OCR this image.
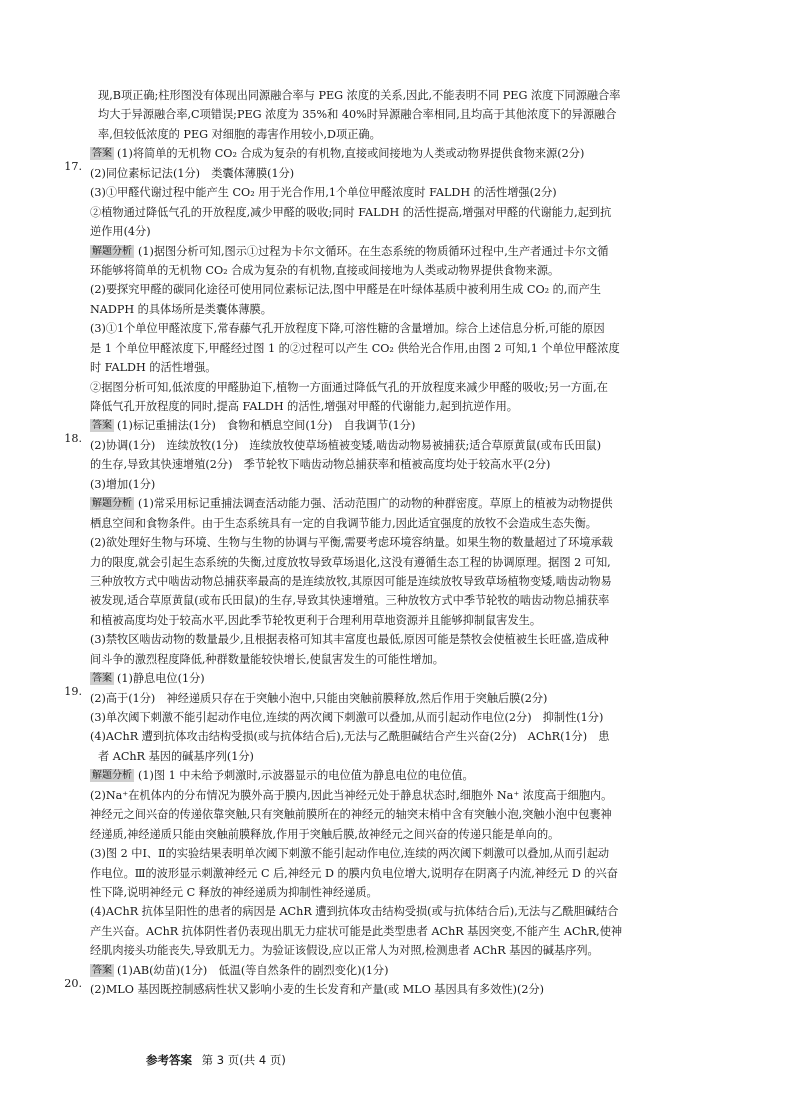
现,B项正确;柱形图没有体现出同源融合率与 PEG 浓度的关系,因此,不能表明不同 PEG 浓度下同源融合率
均大于异源融合率,C项错误;PEG 浓度为 35%和 40%时异源融合率相同,且均高于其他浓度下的异源融合
率,但较低浓度的 PEG 对细胞的毒害作用较小,D项正确。
17.
答案 (1)将简单的无机物 CO₂ 合成为复杂的有机物,直接或间接地为人类或动物界提供食物来源(2分)
(2)同位素标记法(1分)　类囊体薄膜(1分)
(3)①甲醛代谢过程中能产生 CO₂ 用于光合作用,1个单位甲醛浓度时 FALDH 的活性增强(2分)
②植物通过降低气孔的开放程度,减少甲醛的吸收;同时 FALDH 的活性提高,增强对甲醛的代谢能力,起到抗
逆作用(4分)
解题分析 (1)据图分析可知,图示①过程为卡尔文循环。在生态系统的物质循环过程中,生产者通过卡尔文循
环能够将简单的无机物 CO₂ 合成为复杂的有机物,直接或间接地为人类或动物界提供食物来源。
(2)要探究甲醛的碳同化途径可使用同位素标记法,图中甲醛是在叶绿体基质中被利用生成 CO₂ 的,而产生
NADPH 的具体场所是类囊体薄膜。
(3)①1个单位甲醛浓度下,常春藤气孔开放程度下降,可溶性糖的含量增加。综合上述信息分析,可能的原因
是 1 个单位甲醛浓度下,甲醛经过图 1 的②过程可以产生 CO₂ 供给光合作用,由图 2 可知,1 个单位甲醛浓度
时 FALDH 的活性增强。
②据图分析可知,低浓度的甲醛胁迫下,植物一方面通过降低气孔的开放程度来减少甲醛的吸收;另一方面,在
降低气孔开放程度的同时,提高 FALDH 的活性,增强对甲醛的代谢能力,起到抗逆作用。
18.
答案 (1)标记重捕法(1分)　食物和栖息空间(1分)　自我调节(1分)
(2)协调(1分)　连续放牧(1分)　连续放牧使草场植被变矮,啮齿动物易被捕获;适合草原黄鼠(或布氏田鼠)
的生存,导致其快速增殖(2分)　季节轮牧下啮齿动物总捕获率和植被高度均处于较高水平(2分)
(3)增加(1分)
解题分析 (1)常采用标记重捕法调查活动能力强、活动范围广的动物的种群密度。草原上的植被为动物提供
栖息空间和食物条件。由于生态系统具有一定的自我调节能力,因此适宜强度的放牧不会造成生态失衡。
(2)欲处理好生物与环境、生物与生物的协调与平衡,需要考虑环境容纳量。如果生物的数量超过了环境承载
力的限度,就会引起生态系统的失衡,过度放牧导致草场退化,这没有遵循生态工程的协调原理。据图 2 可知,
三种放牧方式中啮齿动物总捕获率最高的是连续放牧,其原因可能是连续放牧导致草场植物变矮,啮齿动物易
被发现,适合草原黄鼠(或布氏田鼠)的生存,导致其快速增殖。三种放牧方式中季节轮牧的啮齿动物总捕获率
和植被高度均处于较高水平,因此季节轮牧更利于合理利用草地资源并且能够抑制鼠害发生。
(3)禁牧区啮齿动物的数量最少,且根据表格可知其丰富度也最低,原因可能是禁牧会使植被生长旺盛,造成种
间斗争的激烈程度降低,种群数量能较快增长,使鼠害发生的可能性增加。
19.
答案 (1)静息电位(1分)
(2)高于(1分)　神经递质只存在于突触小泡中,只能由突触前膜释放,然后作用于突触后膜(2分)
(3)单次阈下刺激不能引起动作电位,连续的两次阈下刺激可以叠加,从而引起动作电位(2分)　抑制性(1分)
(4)AChR 遭到抗体攻击结构受损(或与抗体结合后),无法与乙酰胆碱结合产生兴奋(2分)　AChR(1分)　患
者 AChR 基因的碱基序列(1分)
解题分析 (1)图 1 中未给予刺激时,示波器显示的电位值为静息电位的电位值。
(2)Na⁺在机体内的分布情况为膜外高于膜内,因此当神经元处于静息状态时,细胞外 Na⁺ 浓度高于细胞内。
神经元之间兴奋的传递依靠突触,只有突触前膜所在的神经元的轴突末梢中含有突触小泡,突触小泡中包裹神
经递质,神经递质只能由突触前膜释放,作用于突触后膜,故神经元之间兴奋的传递只能是单向的。
(3)图 2 中Ⅰ、Ⅱ的实验结果表明单次阈下刺激不能引起动作电位,连续的两次阈下刺激可以叠加,从而引起动
作电位。Ⅲ的波形显示刺激神经元 C 后,神经元 D 的膜内负电位增大,说明存在阴离子内流,神经元 D 的兴奋
性下降,说明神经元 C 释放的神经递质为抑制性神经递质。
(4)AChR 抗体呈阳性的患者的病因是 AChR 遭到抗体攻击结构受损(或与抗体结合后),无法与乙酰胆碱结合
产生兴奋。AChR 抗体阴性者仍表现出肌无力症状可能是此类型患者 AChR 基因突变,不能产生 AChR,使神
经肌肉接头功能丧失,导致肌无力。为验证该假设,应以正常人为对照,检测患者 AChR 基因的碱基序列。
20.
答案 (1)AB(幼苗)(1分)　低温(等自然条件的剧烈变化)(1分)
(2)MLO 基因既控制感病性状又影响小麦的生长发育和产量(或 MLO 基因具有多效性)(2分)
参考答案 第 3 页(共 4 页)
